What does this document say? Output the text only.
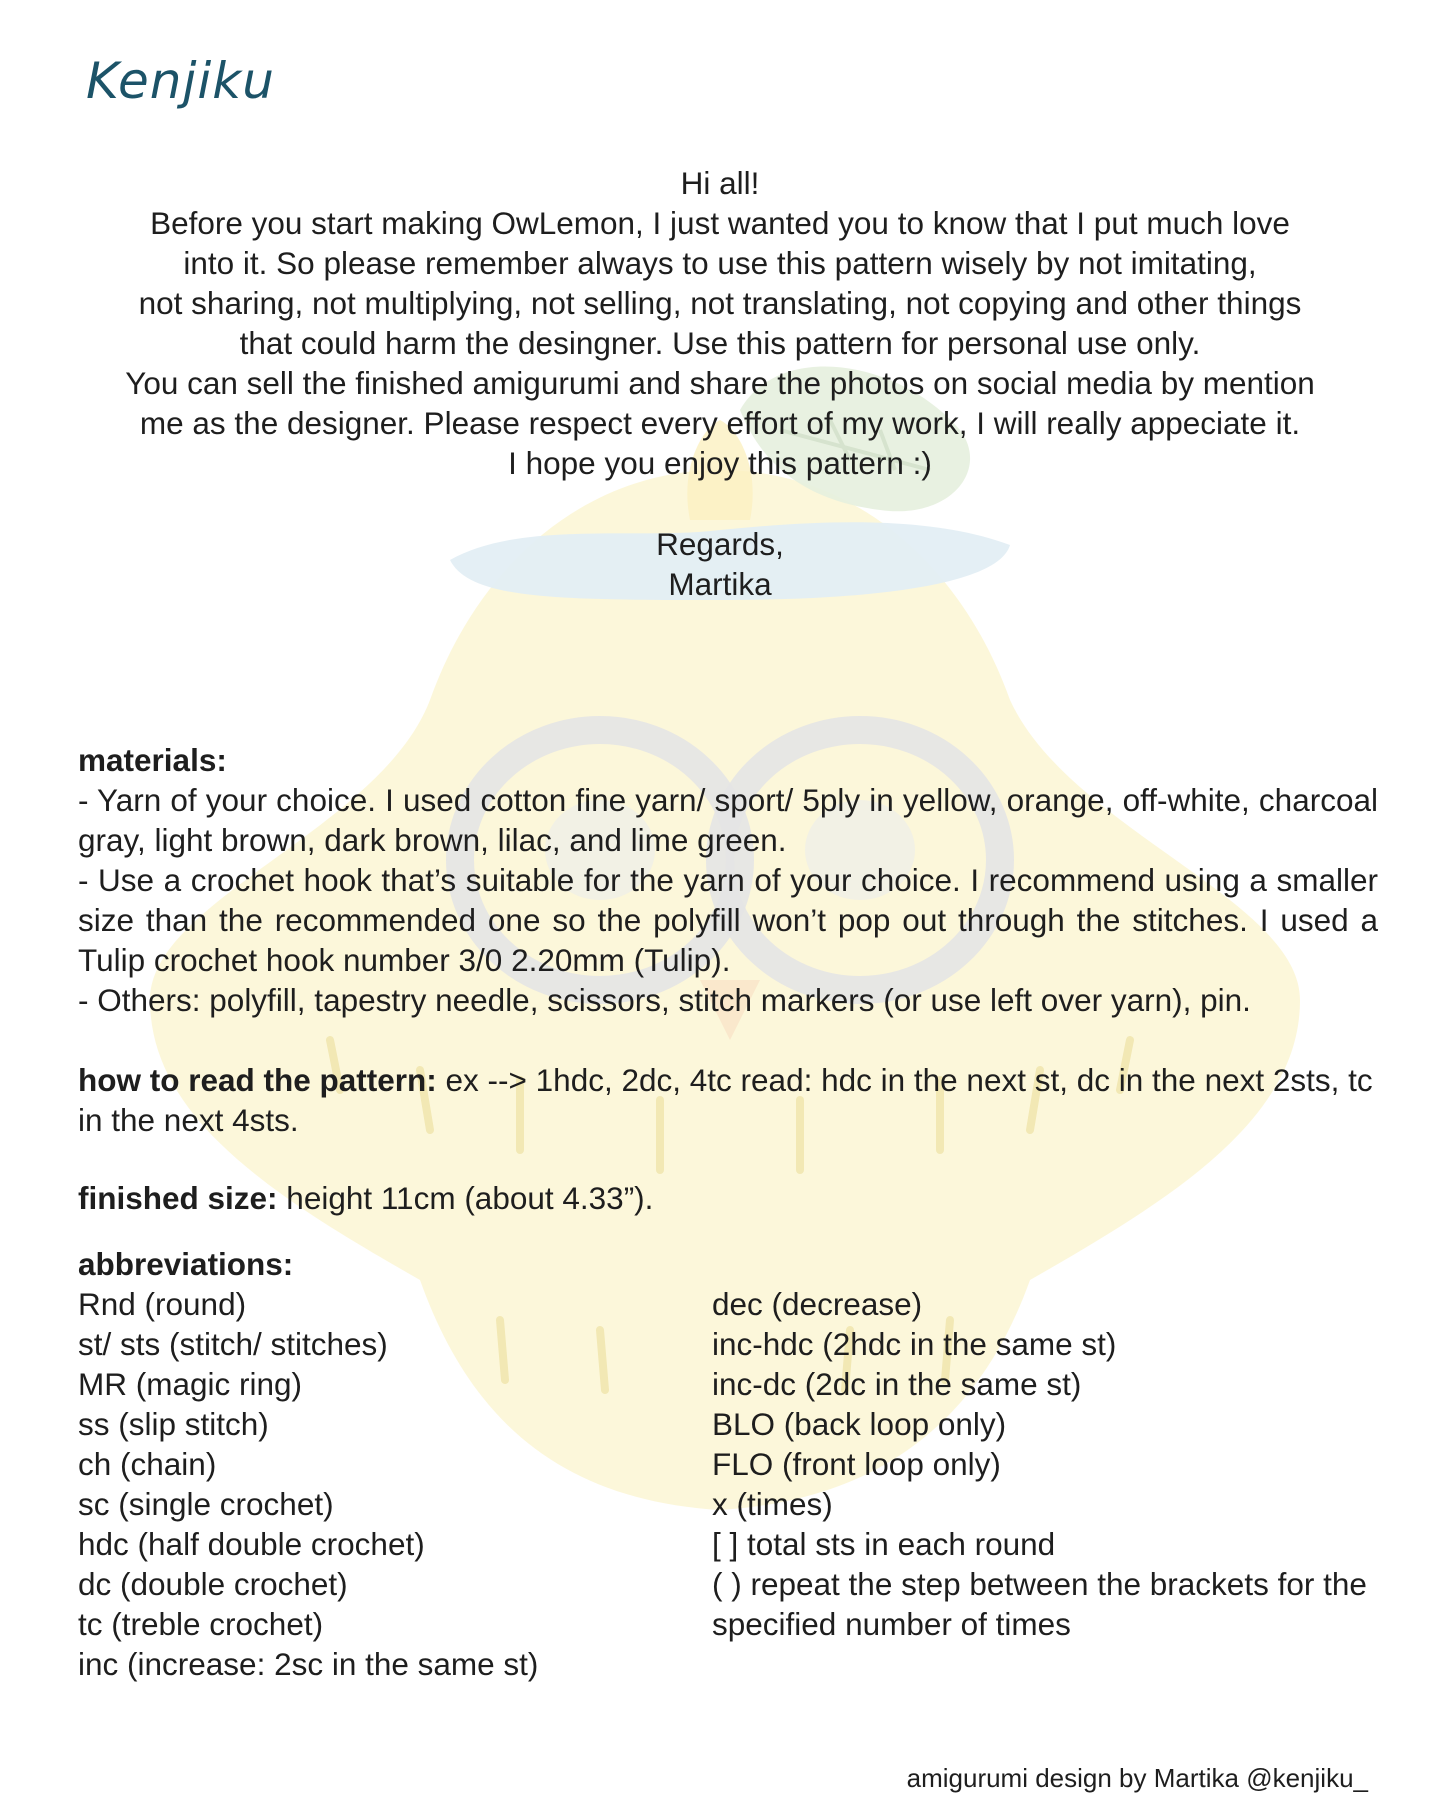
Kenjiku

Hi all!

Before you start making OwLemon, I just wanted you to know that I put much love

into it. So please remember always to use this pattern wisely by not imitating,

not sharing, not multiplying, not selling, not translating, not copying and other things

that could harm the desingner. Use this pattern for personal use only.

You can sell the finished amigurumi and share the photos on social media by mention

me as the designer. Please respect every effort of my work, I will really appeciate it.

I hope you enjoy this pattern :)

Regards,

Martika

materials:

- Yarn of your choice. I used cotton fine yarn/ sport/ 5ply in yellow, orange, off-white, charcoal gray, light brown, dark brown, lilac, and lime green.

- Use a crochet hook that’s suitable for the yarn of your choice. I recommend using a smaller size than the recommended one so the polyfill won’t pop out through the stitches. I used a Tulip crochet hook number 3/0 2.20mm (Tulip).

- Others: polyfill, tapestry needle, scissors, stitch markers (or use left over yarn), pin.

how to read the pattern: ex --> 1hdc, 2dc, 4tc read: hdc in the next st, dc in the next 2sts, tc in the next 4sts.

finished size: height 11cm (about 4.33”).

abbreviations:

Rnd (round)

st/ sts (stitch/ stitches)

MR (magic ring)

ss (slip stitch)

ch (chain)

sc (single crochet)

hdc (half double crochet)

dc (double crochet)

tc (treble crochet)

inc (increase: 2sc in the same st)

dec (decrease)

inc-hdc (2hdc in the same st)

inc-dc (2dc in the same st)

BLO (back loop only)

FLO (front loop only)

x (times)

[ ] total sts in each round

( ) repeat the step between the brackets for the specified number of times

amigurumi design by Martika @kenjiku_
